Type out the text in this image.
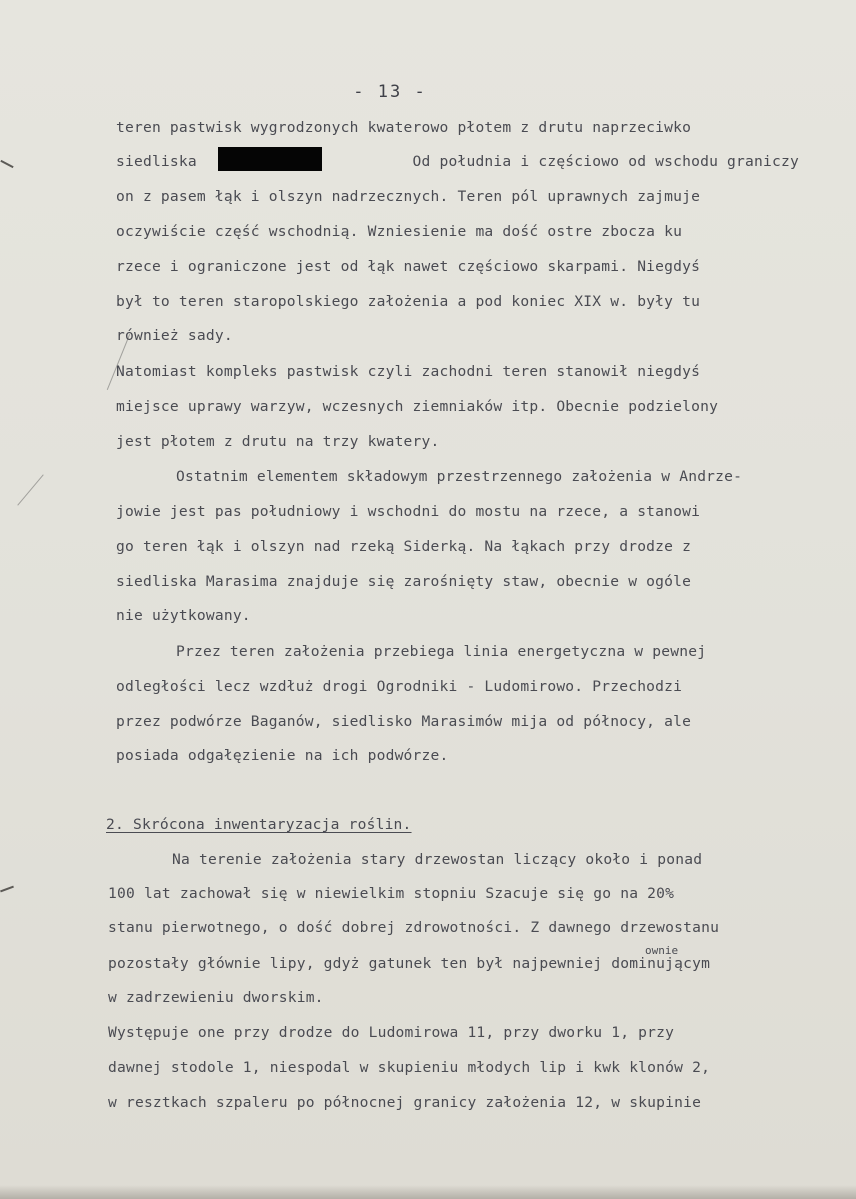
- 13 -
teren pastwisk wygrodzonych kwaterowo płotem z drutu naprzeciwko
siedliska                        Od południa i częściowo od wschodu graniczy
on z pasem łąk i olszyn nadrzecznych. Teren pól uprawnych zajmuje
oczywiście część wschodnią. Wzniesienie ma dość ostre zbocza ku
rzece i ograniczone jest od łąk nawet częściowo skarpami. Niegdyś
był to teren staropolskiego założenia a pod koniec XIX w. były tu
również sady.
Natomiast kompleks pastwisk czyli zachodni teren stanowił niegdyś
miejsce uprawy warzyw, wczesnych ziemniaków itp. Obecnie podzielony
jest płotem z drutu na trzy kwatery.
Ostatnim elementem składowym przestrzennego założenia w Andrze-
jowie jest pas południowy i wschodni do mostu na rzece, a stanowi
go teren łąk i olszyn nad rzeką Siderką. Na łąkach przy drodze z
siedliska Marasima znajduje się zarośnięty staw, obecnie w ogóle
nie użytkowany.
Przez teren założenia przebiega linia energetyczna w pewnej
odległości lecz wzdłuż drogi Ogrodniki - Ludomirowo. Przechodzi
przez podwórze Baganów, siedlisko Marasimów mija od północy, ale
posiada odgałęzienie na ich podwórze.
2. Skrócona inwentaryzacja roślin.
Na terenie założenia stary drzewostan liczący około i ponad
100 lat zachował się w niewielkim stopniu Szacuje się go na 20%
stanu pierwotnego, o dość dobrej zdrowotności. Z dawnego drzewostanu
ownie
pozostały głównie lipy, gdyż gatunek ten był najpewniej dominującym
w zadrzewieniu dworskim.
Występuje one przy drodze do Ludomirowa 11, przy dworku 1, przy
dawnej stodole 1, niespodal w skupieniu młodych lip i kwk klonów 2,
w resztkach szpaleru po północnej granicy założenia 12, w skupinie
